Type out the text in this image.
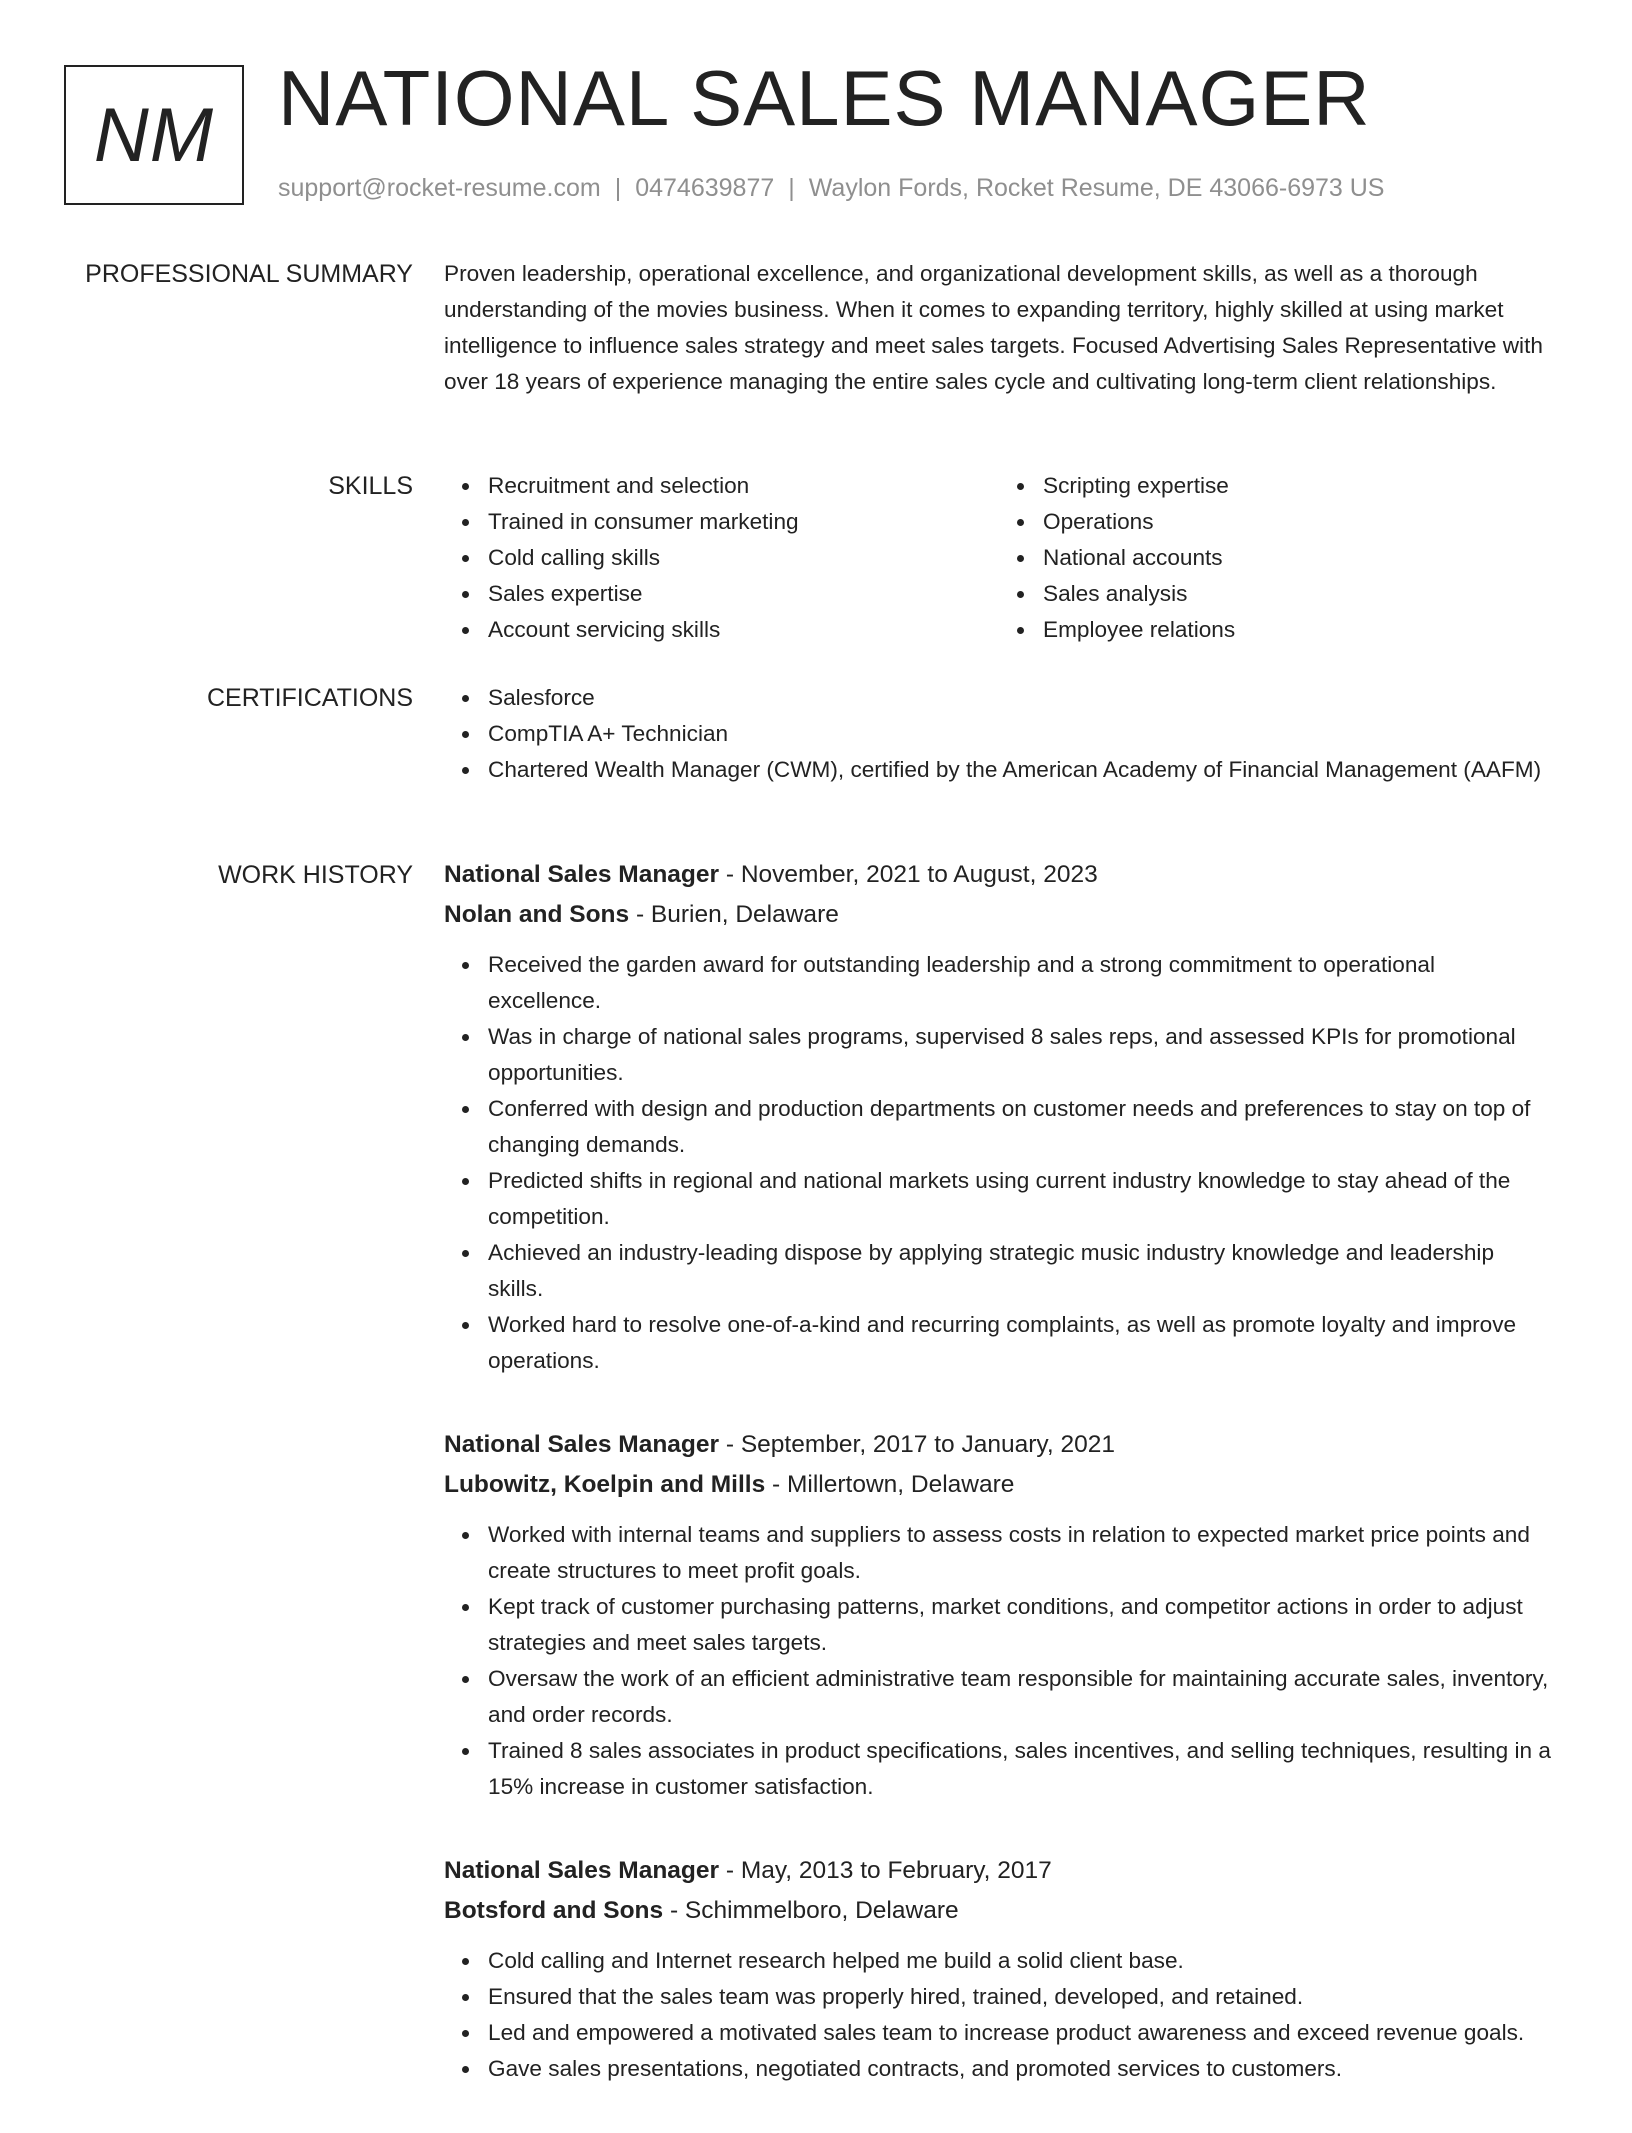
NM NATIONAL SALES MANAGER
support@rocket-resume.com | 0474639877 | Waylon Fords, Rocket Resume, DE 43066-6973 US
PROFESSIONAL SUMMARY Proven leadership, operational excellence, and organizational development skills, as well as a thorough understanding of the movies business. When it comes to expanding territory, highly skilled at using market intelligence to influence sales strategy and meet sales targets. Focused Advertising Sales Representative with over 18 years of experience managing the entire sales cycle and cultivating long-term client relationships.

SKILLS	Recruitment and selection
Trained in consumer marketing
Cold calling skills
Sales expertise
Account servicing skills
Scripting expertise
Operations
National accounts
Sales analysis
Employee relations
CERTIFICATIONS	Salesforce
CompTIA A+ Technician
Chartered Wealth Manager (CWM), certified by the American Academy of Financial Management (AAFM)
WORK HISTORY National Sales Manager - November, 2021 to August, 2023
Nolan and Sons - Burien, Delaware
Received the garden award for outstanding leadership and a strong commitment to operational excellence.
Was in charge of national sales programs, supervised 8 sales reps, and assessed KPIs for promotional opportunities.
Conferred with design and production departments on customer needs and preferences to stay on top of changing demands.
Predicted shifts in regional and national markets using current industry knowledge to stay ahead of the competition.
Achieved an industry-leading dispose by applying strategic music industry knowledge and leadership skills.
Worked hard to resolve one-of-a-kind and recurring complaints, as well as promote loyalty and improve operations.
National Sales Manager - September, 2017 to January, 2021
Lubowitz, Koelpin and Mills - Millertown, Delaware
Worked with internal teams and suppliers to assess costs in relation to expected market price points and create structures to meet profit goals.
Kept track of customer purchasing patterns, market conditions, and competitor actions in order to adjust strategies and meet sales targets.
Oversaw the work of an efficient administrative team responsible for maintaining accurate sales, inventory, and order records.
Trained 8 sales associates in product specifications, sales incentives, and selling techniques, resulting in a 15% increase in customer satisfaction.
National Sales Manager - May, 2013 to February, 2017
Botsford and Sons - Schimmelboro, Delaware
Cold calling and Internet research helped me build a solid client base.
Ensured that the sales team was properly hired, trained, developed, and retained.
Led and empowered a motivated sales team to increase product awareness and exceed revenue goals.
Gave sales presentations, negotiated contracts, and promoted services to customers.
